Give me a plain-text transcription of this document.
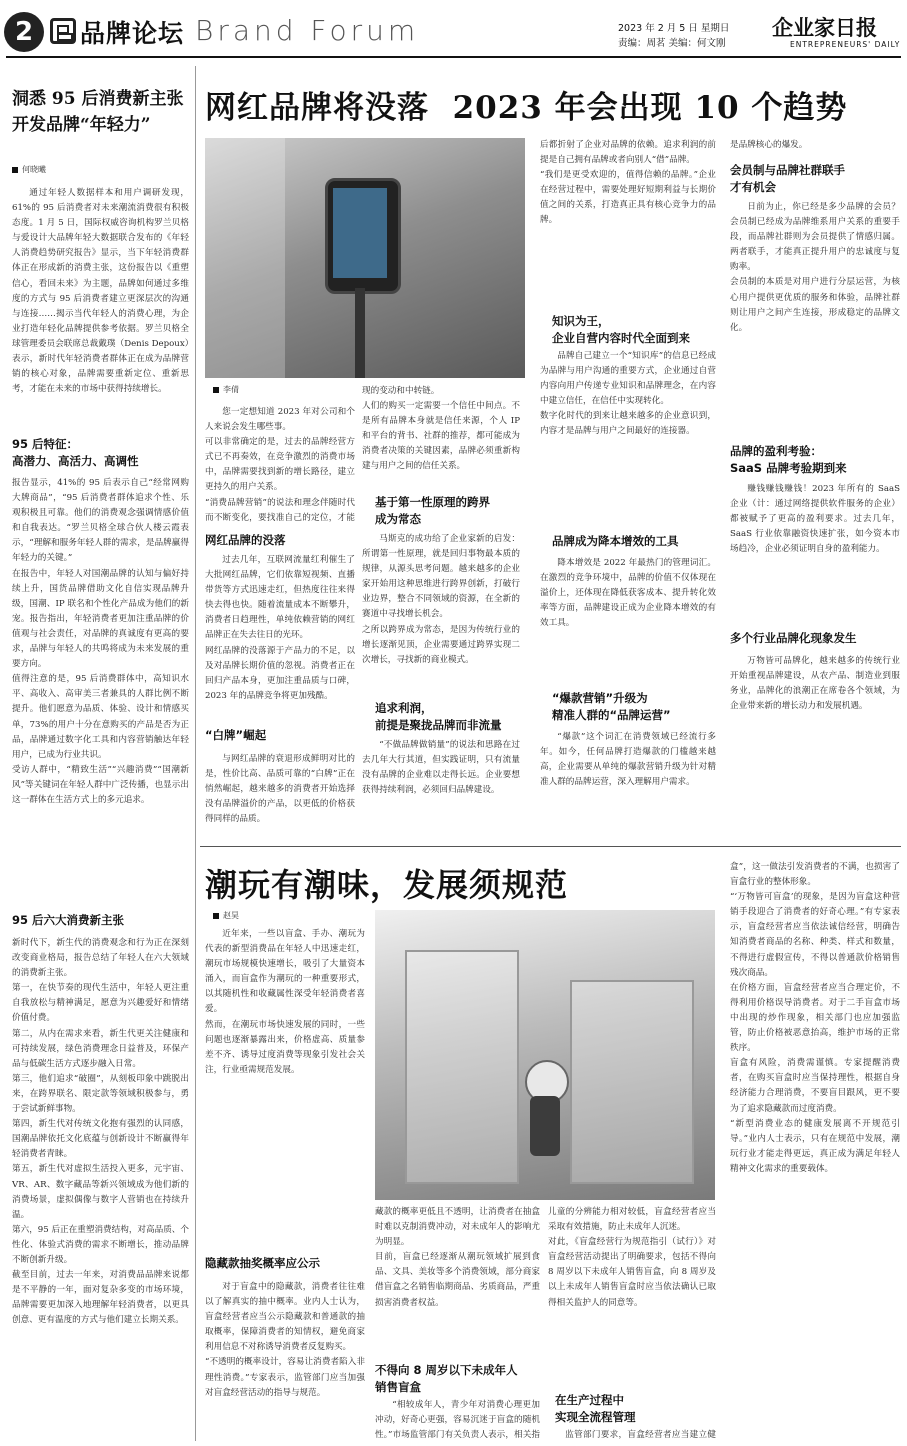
2	品牌论坛 Brand Forum	2023 年 2 月 5 日 星期日
责编：周茗 美编：何文刚
企业家日报
ENTREPRENEURS' DAILY
洞悉 95 后消费新主张
开发品牌“年轻力”
何晓曦
通过年轻人数据样本和用户调研发现，61%的 95 后消费者对未来潮流消费很有积极态度。1 月 5 日，国际权威咨询机构罗兰贝格与爱设计大品牌年轻大数据联合发布的《年轻人消费趋势研究报告》显示，当下年轻消费群体正在形成新的消费主张，这份报告以《重塑信心，看回未来》为主题，品牌如何通过多维度的方式与 95 后消费者建立更深层次的沟通与连接……揭示当代年轻人的消费心理，为企业打造年轻化品牌提供参考依据。罗兰贝格全球管理委员会联席总裁戴璞（Denis Depoux）表示，新时代年轻消费者群体正在成为品牌营销的核心对象，品牌需要重新定位、重新思考，才能在未来的市场中获得持续增长。
95 后特征：
高潜力、高活力、高调性
报告显示，41%的 95 后表示自己“经常网购大牌商品”，“95 后消费者群体追求个性、乐观积极且可靠。他们的消费观念强调情感价值和自我表达。“罗兰贝格全球合伙人楼云霞表示，“理解和服务年轻人群的需求，是品牌赢得年轻力的关键。”
在报告中，年轻人对国潮品牌的认知与偏好持续上升，国货品牌借助文化自信实现品牌升级，国潮、IP 联名和个性化产品成为他们的新宠。报告指出，年轻消费者更加注重品牌的价值观与社会责任，对品牌的真诚度有更高的要求，品牌与年轻人的共鸣将成为未来发展的重要方向。
值得注意的是，95 后消费群体中，高知识水平、高收入、高审美三者兼具的人群比例不断提升。他们愿意为品质、体验、设计和情感买单，73%的用户十分在意购买的产品是否为正品，品牌通过数字化工具和内容营销触达年轻用户，已成为行业共识。
受访人群中，“精致生活”“兴趣消费”“国潮新风”等关键词在年轻人群中广泛传播，也显示出这一群体在生活方式上的多元追求。
95 后六大消费新主张
新时代下，新生代的消费观念和行为正在深刻改变商业格局，报告总结了年轻人在六大领域的消费新主张。
第一，在快节奏的现代生活中，年轻人更注重自我放松与精神满足，愿意为兴趣爱好和情绪价值付费。
第二，从内在需求来看，新生代更关注健康和可持续发展，绿色消费理念日益普及，环保产品与低碳生活方式逐步融入日常。
第三，他们追求“破圈”，从刻板印象中跳脱出来，在跨界联名、限定款等领域积极参与，勇于尝试新鲜事物。
第四，新生代对传统文化抱有强烈的认同感，国潮品牌依托文化底蕴与创新设计不断赢得年轻消费者青睐。
第五，新生代对虚拟生活投入更多，元宇宙、VR、AR、数字藏品等新兴领域成为他们新的消费场景，虚拟偶像与数字人营销也在持续升温。
第六，95 后正在重塑消费结构，对高品质、个性化、体验式消费的需求不断增长，推动品牌不断创新升级。
截至目前，过去一年来，对消费品品牌来说都是不平静的一年，面对复杂多变的市场环境，品牌需要更加深入地理解年轻消费者，以更具创意、更有温度的方式与他们建立长期关系。
网红品牌将没落  2023 年会出现 10 个趋势
李倩
您一定想知道 2023 年对公司和个人来说会发生哪些事。
可以非常确定的是，过去的品牌经营方式已不再奏效，在竞争激烈的消费市场中，品牌需要找到新的增长路径，建立更持久的用户关系。
“消费品牌营销”的说法和理念伴随时代而不断变化，要找准自己的定位，才能
网红品牌的没落
过去几年，互联网流量红利催生了大批网红品牌，它们依靠短视频、直播带货等方式迅速走红，但热度往往来得快去得也快。随着流量成本不断攀升，消费者日趋理性，单纯依赖营销的网红品牌正在失去往日的光环。
网红品牌的没落源于产品力的不足，以及对品牌长期价值的忽视。消费者正在回归产品本身，更加注重品质与口碑，2023 年的品牌竞争将更加残酷。
“白牌”崛起
与网红品牌的衰退形成鲜明对比的是，性价比高、品质可靠的“白牌”正在悄然崛起，越来越多的消费者开始选择没有品牌溢价的产品，以更低的价格获得同样的品质。
现的变动和中转链。
人们的购买一定需要一个信任中间点。不是所有品牌本身就是信任来源，个人 IP 和平台的背书、社群的推荐，都可能成为消费者决策的关键因素，品牌必须重新构建与用户之间的信任关系。
基于第一性原理的跨界
成为常态
马斯克的成功给了企业家新的启发：所谓第一性原理，就是回归事物最本质的规律，从源头思考问题。越来越多的企业家开始用这种思维进行跨界创新，打破行业边界，整合不同领域的资源，在全新的赛道中寻找增长机会。
之所以跨界成为常态，是因为传统行业的增长逐渐见顶，企业需要通过跨界实现二次增长，寻找新的商业模式。
追求利润，
前提是聚拢品牌而非流量
“不做品牌做销量”的说法和思路在过去几年大行其道，但实践证明，只有流量没有品牌的企业难以走得长远。企业要想获得持续利润，必须回归品牌建设。
后都折射了企业对品牌的依赖。追求利润的前提是自己拥有品牌或者向别人“借”品牌。
“我们是更受欢迎的，值得信赖的品牌。”企业在经营过程中，需要处理好短期利益与长期价值之间的关系，打造真正具有核心竞争力的品牌。
知识为王，
企业自营内容时代全面到来
品牌自己建立一个“知识库”的信息已经成为品牌与用户沟通的重要方式，企业通过自营内容向用户传递专业知识和品牌理念，在内容中建立信任，在信任中实现转化。
数字化时代的到来让越来越多的企业意识到，内容才是品牌与用户之间最好的连接器。
品牌成为降本增效的工具
降本增效是 2022 年最热门的管理词汇。在激烈的竞争环境中，品牌的价值不仅体现在溢价上，还体现在降低获客成本、提升转化效率等方面，品牌建设正成为企业降本增效的有效工具。
“爆款营销”升级为
精准人群的“品牌运营”
“爆款”这个词汇在消费领域已经流行多年。如今，任何品牌打造爆款的门槛越来越高，企业需要从单纯的爆款营销升级为针对精准人群的品牌运营，深入理解用户需求。
是品牌核心的爆发。
会员制与品牌社群联手
才有机会
日前为止，你已经是多少品牌的会员？会员制已经成为品牌维系用户关系的重要手段，而品牌社群则为会员提供了情感归属。两者联手，才能真正提升用户的忠诚度与复购率。
会员制的本质是对用户进行分层运营，为核心用户提供更优质的服务和体验，品牌社群则让用户之间产生连接，形成稳定的品牌文化。
品牌的盈利考验：
SaaS 品牌考验期到来
赚钱赚钱赚钱！2023 年所有的 SaaS 企业（计：通过网络提供软件服务的企业）都被赋予了更高的盈利要求。过去几年，SaaS 行业依靠融资快速扩张，如今资本市场趋冷，企业必须证明自身的盈利能力。
多个行业品牌化现象发生
万物皆可品牌化，越来越多的传统行业开始重视品牌建设，从农产品、制造业到服务业，品牌化的浪潮正在席卷各个领域，为企业带来新的增长动力和发展机遇。
潮玩有潮味，发展须规范
赵昊
近年来，一些以盲盒、手办、潮玩为代表的新型消费品在年轻人中迅速走红，潮玩市场规模快速增长，吸引了大量资本涌入，而盲盒作为潮玩的一种重要形式，以其随机性和收藏属性深受年轻消费者喜爱。
然而，在潮玩市场快速发展的同时，一些问题也逐渐暴露出来，价格虚高、质量参差不齐、诱导过度消费等现象引发社会关注，行业亟需规范发展。
隐藏款抽奖概率应公示
对于盲盒中的隐藏款，消费者往往难以了解真实的抽中概率。业内人士认为，盲盒经营者应当公示隐藏款和普通款的抽取概率，保障消费者的知情权，避免商家利用信息不对称诱导消费者反复购买。
“不透明的概率设计，容易让消费者陷入非理性消费。”专家表示，监管部门应当加强对盲盒经营活动的指导与规范。
藏款的概率更低且不透明，让消费者在抽盒时难以克制消费冲动，对未成年人的影响尤为明显。
目前，盲盒已经逐渐从潮玩领域扩展到食品、文具、美妆等多个消费领域，部分商家借盲盒之名销售临期商品、劣质商品，严重损害消费者权益。
不得向 8 周岁以下未成年人
销售盲盒
“相较成年人，青少年对消费心理更加冲动，好奇心更强，容易沉迷于盲盒的随机性。”市场监管部门有关负责人表示，相关指
儿童的分辨能力相对较低，盲盒经营者应当采取有效措施，防止未成年人沉迷。
对此，《盲盒经营行为规范指引（试行）》对盲盒经营活动提出了明确要求，包括不得向 8 周岁以下未成年人销售盲盒，向 8 周岁及以上未成年人销售盲盒时应当依法确认已取得相关监护人的同意等。
在生产过程中
实现全流程管理
监管部门要求，盲盒经营者应当建立健
盒”，这一做法引发消费者的不满，也损害了盲盒行业的整体形象。
“‘万物皆可盲盒’的现象，是因为盲盒这种营销手段迎合了消费者的好奇心理。”有专家表示，盲盒经营者应当依法诚信经营，明确告知消费者商品的名称、种类、样式和数量，不得进行虚假宣传，不得以普通款价格销售残次商品。
在价格方面，盲盒经营者应当合理定价，不得利用价格误导消费者。对于二手盲盒市场中出现的炒作现象，相关部门也应加强监管，防止价格被恶意抬高，维护市场的正常秩序。
盲盒有风险，消费需谨慎。专家提醒消费者，在购买盲盒时应当保持理性，根据自身经济能力合理消费，不要盲目跟风，更不要为了追求隐藏款而过度消费。
“新型消费业态的健康发展离不开规范引导。”业内人士表示，只有在规范中发展，潮玩行业才能走得更远，真正成为满足年轻人精神文化需求的重要载体。
